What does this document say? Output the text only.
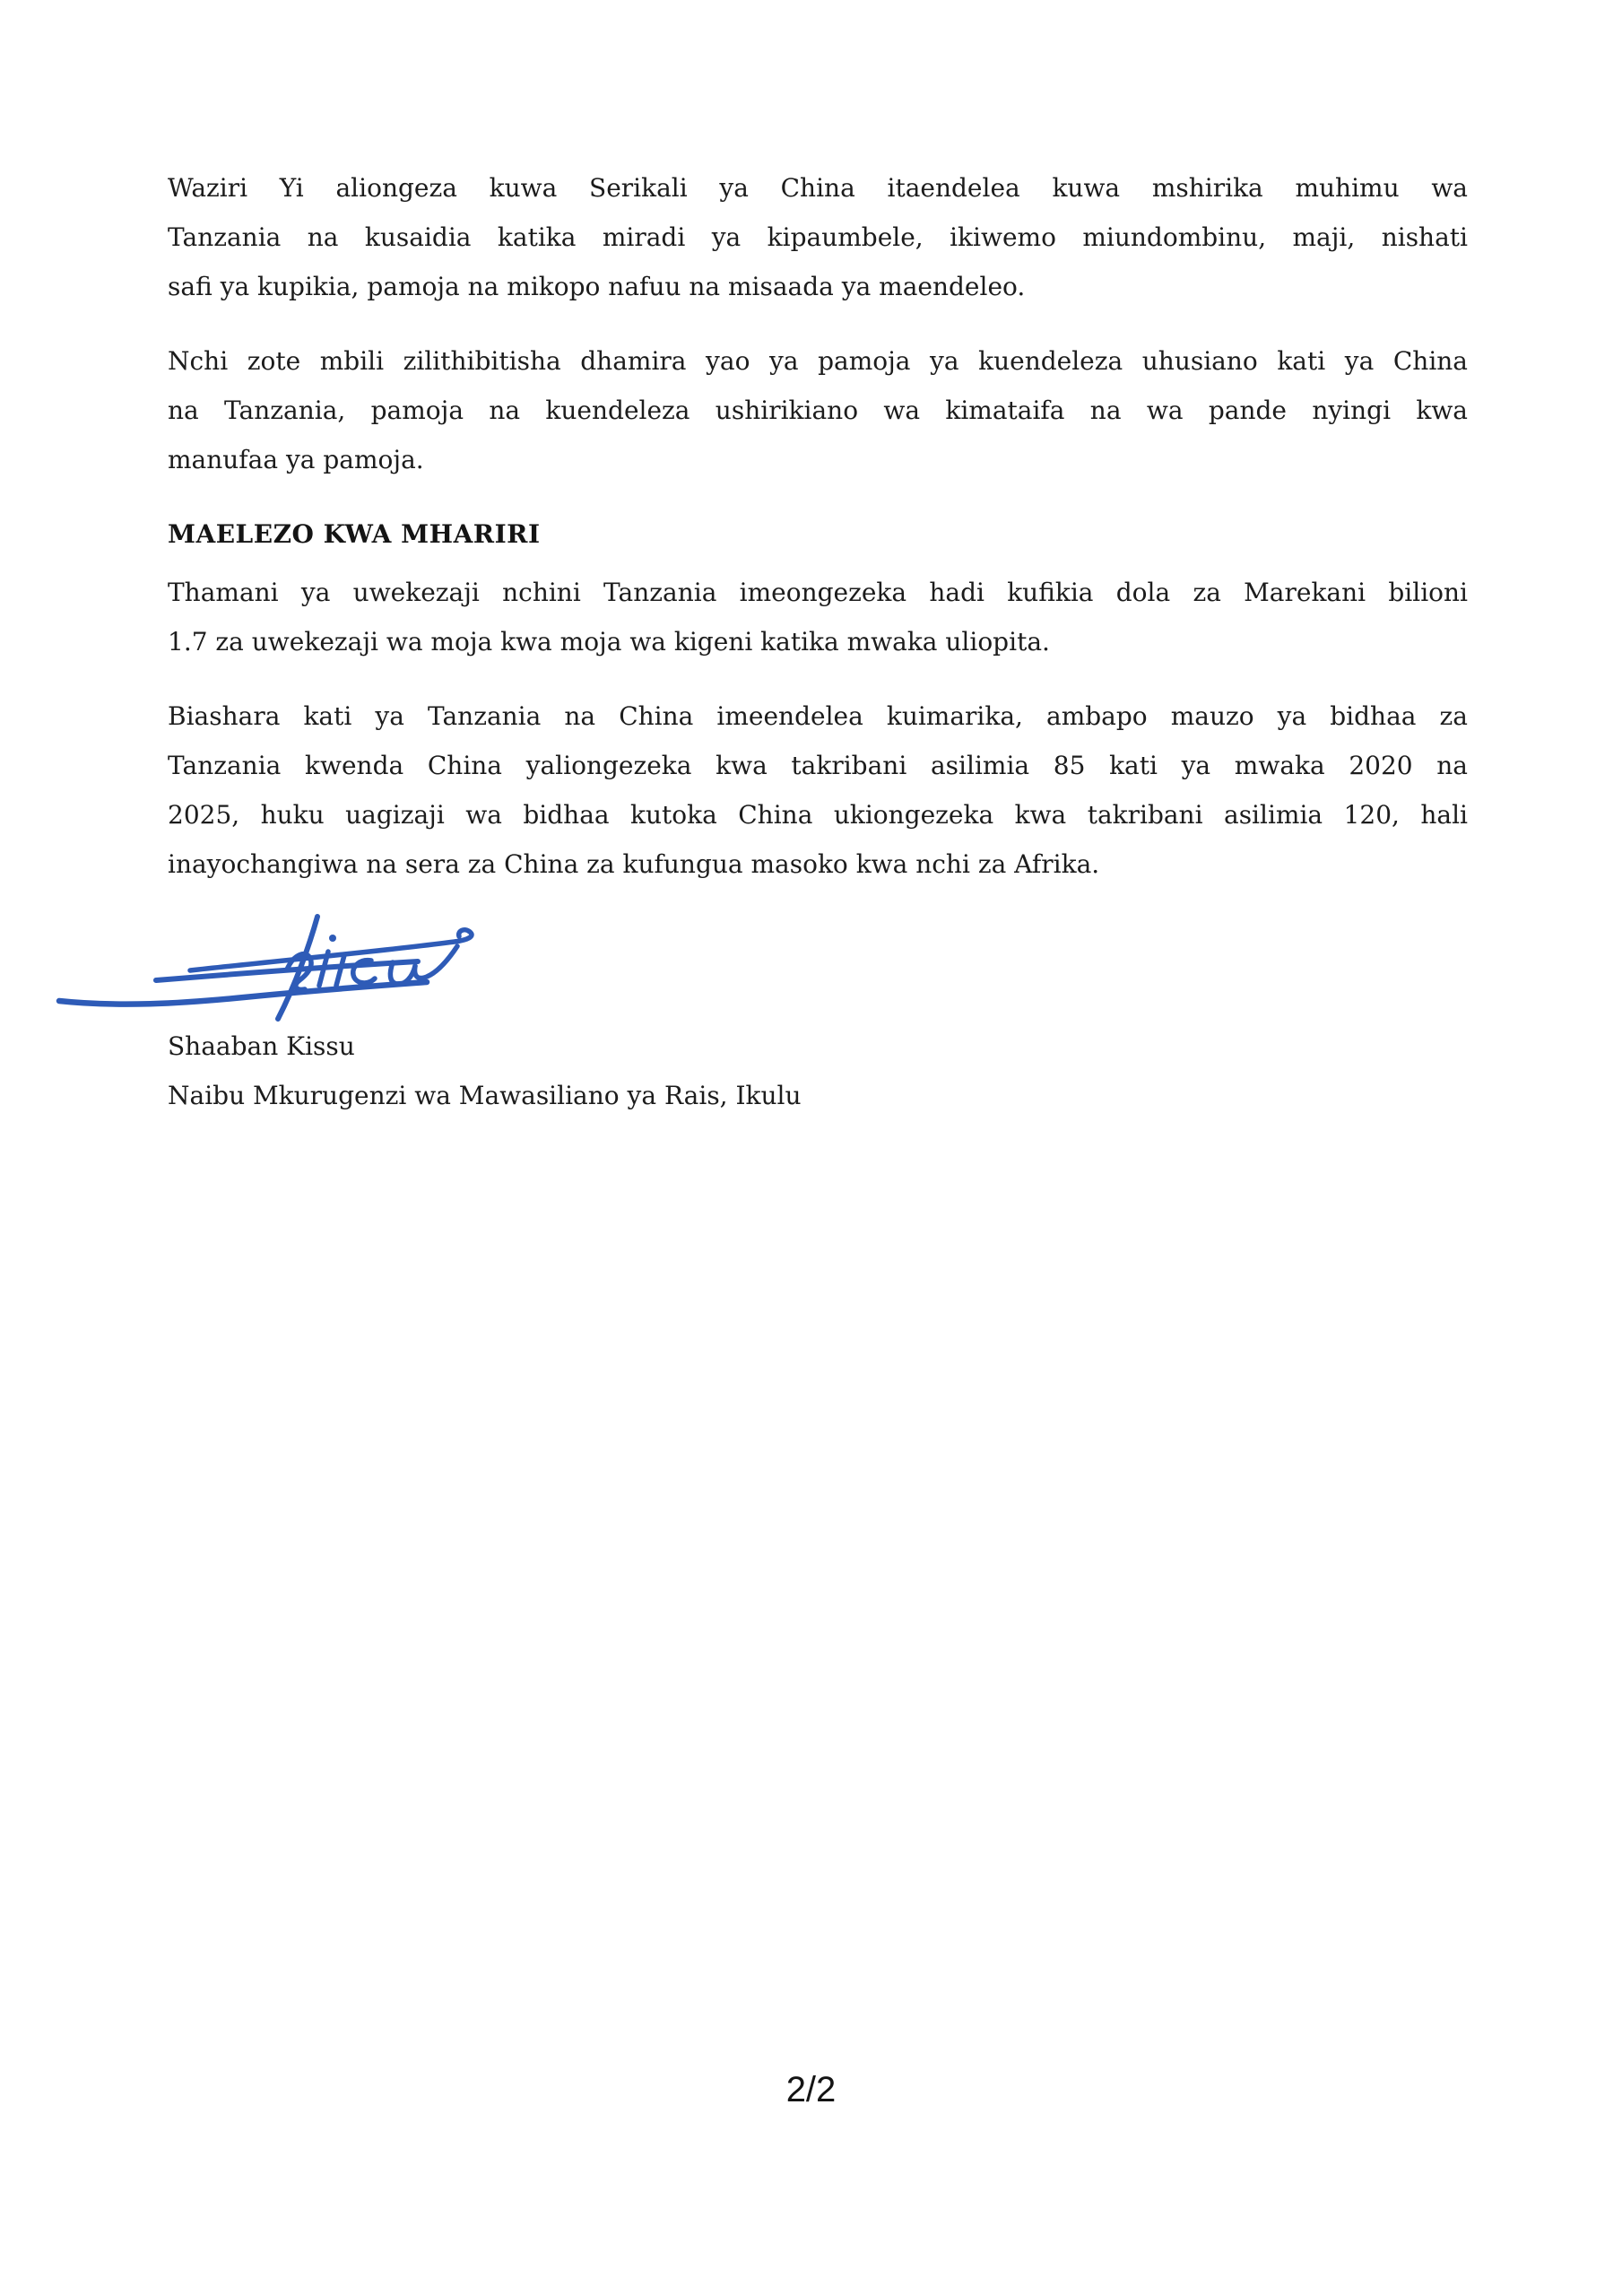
Waziri Yi aliongeza kuwa Serikali ya China itaendelea kuwa mshirika muhimu wa
Tanzania na kusaidia katika miradi ya kipaumbele, ikiwemo miundombinu, maji, nishati
safi ya kupikia, pamoja na mikopo nafuu na misaada ya maendeleo.
Nchi zote mbili zilithibitisha dhamira yao ya pamoja ya kuendeleza uhusiano kati ya China
na Tanzania, pamoja na kuendeleza ushirikiano wa kimataifa na wa pande nyingi kwa
manufaa ya pamoja.
MAELEZO KWA MHARIRI
Thamani ya uwekezaji nchini Tanzania imeongezeka hadi kufikia dola za Marekani bilioni
1.7 za uwekezaji wa moja kwa moja wa kigeni katika mwaka uliopita.
Biashara kati ya Tanzania na China imeendelea kuimarika, ambapo mauzo ya bidhaa za
Tanzania kwenda China yaliongezeka kwa takribani asilimia 85 kati ya mwaka 2020 na
2025, huku uagizaji wa bidhaa kutoka China ukiongezeka kwa takribani asilimia 120, hali
inayochangiwa na sera za China za kufungua masoko kwa nchi za Afrika.
Shaaban Kissu
Naibu Mkurugenzi wa Mawasiliano ya Rais, Ikulu
2/2
